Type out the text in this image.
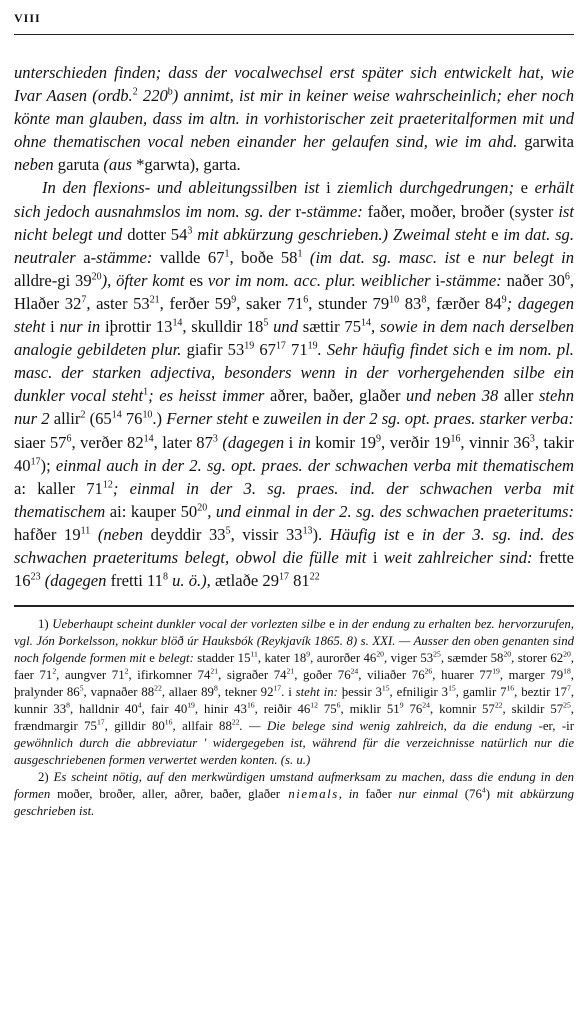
VIII

unterschieden finden; dass der vocalwechsel erst später sich entwickelt hat, wie Ivar Aasen (ordb.$^2$ 220$^b$) annimt, ist mir in keiner weise wahrscheinlich; eher noch könte man glauben, dass im altn. in vorhistorischer zeit praeteritalformen mit und ohne thematischen vocal neben einander her gelaufen sind, wie im ahd. garwita neben garuta (aus *garwta), garta.

In den flexions- und ableitungssilben ist i ziemlich durchgedrungen; e erhält sich jedoch ausnahmslos im nom. sg. der r-stämme: faðer, moðer, broðer (syster ist nicht belegt und dotter $54^3$ mit abkürzung geschrieben.) Zweimal steht e im dat. sg. neutraler a-stämme: vallde $67^1$, boðe $58^1$ (im dat. sg. masc. ist e nur belegt in alldre-gi $39^{20}$), öfter komt es vor im nom. acc. plur. weiblicher i-stämme: naðer $30^6$, Hlaðer $32^7$, aster $53^{21}$, ferðer $59^9$, saker $71^6$, stunder $79^{10}$ $83^8$, færðer $84^9$; dagegen steht i nur in iþrottir $13^{14}$, skulldir $18^5$ und sættir $75^{14}$, sowie in dem nach derselben analogie gebildeten plur. giafir $53^{19}$ $67^{17}$ $71^{19}$. Sehr häufig findet sich e im nom. pl. masc. der starken adjectiva, besonders wenn in der vorhergehenden silbe ein dunkler vocal steht$^1$; es heisst immer aðrer, baðer, glaðer und neben 38 aller stehn nur 2 allir$^2$ ($65^{14}$ $76^{10}$.) Ferner steht e zuweilen in der 2 sg. opt. praes. starker verba: siaer $57^6$, verðer $82^{14}$, later $87^3$ (dagegen i in komir $19^9$, verðir $19^{16}$, vinnir $36^3$, takir $40^{17}$); einmal auch in der 2. sg. opt. praes. der schwachen verba mit thematischem a: kaller $71^{12}$; einmal in der 3. sg. praes. ind. der schwachen verba mit thematischem ai: kauper $50^{20}$, und einmal in der 2. sg. des schwachen praeteritums: hafðer $19^{11}$ (neben deyddir $33^5$, vissir $33^{13}$). Häufig ist e in der 3. sg. ind. des schwachen praeteritums belegt, obwol die fülle mit i weit zahlreicher sind: frette $16^{23}$ (dagegen fretti $11^8$ u. ö.), ætlaðe $29^{17}$ $81^{22}$

1) Ueberhaupt scheint dunkler vocal der vorlezten silbe e in der endung zu erhalten bez. hervorzurufen, vgl. Jón Þorkelsson, nokkur blöð úr Hauksbók (Reykjavík 1865. 8) s. XXI. — Ausser den oben genanten sind noch folgende formen mit e belegt: stadder $15^{11}$, kater $18^9$, aurorðer $46^{20}$, viger $53^{25}$, sæmder $58^{20}$, storer $62^{20}$, faer $71^2$, aungver $71^2$, ifirkomner $74^{21}$, sigraðer $74^{21}$, goðer $76^{24}$, viliaðer $76^{26}$, huarer $77^{19}$, marger $79^{18}$, þralynder $86^5$, vapnaðer $88^{22}$, allaer $89^8$, tekner $92^{17}$. i steht in: þessir $3^{15}$, efniligir $3^{15}$, gamlir $7^{16}$, beztir $17^7$, kunnir $33^8$, halldnir $40^4$, fair $40^{19}$, hinir $43^{16}$, reiðir $46^{12}$ $75^6$, miklir $51^9$ $76^{24}$, komnir $57^{22}$, skildir $57^{25}$, frændmargir $75^{17}$, gilldir $80^{16}$, allfair $88^{22}$. — Die belege sind wenig zahlreich, da die endung -er, -ir gewöhnlich durch die abbreviatur ' widergegeben ist, während für die verzeichnisse natürlich nur die ausgeschriebenen formen verwertet werden konten. (s. u.)

2) Es scheint nötig, auf den merkwürdigen umstand aufmerksam zu machen, dass die endung in den formen moðer, broðer, aller, aðrer, baðer, glaðer niemals, in faðer nur einmal $(76^4)$ mit abkürzung geschrieben ist.
